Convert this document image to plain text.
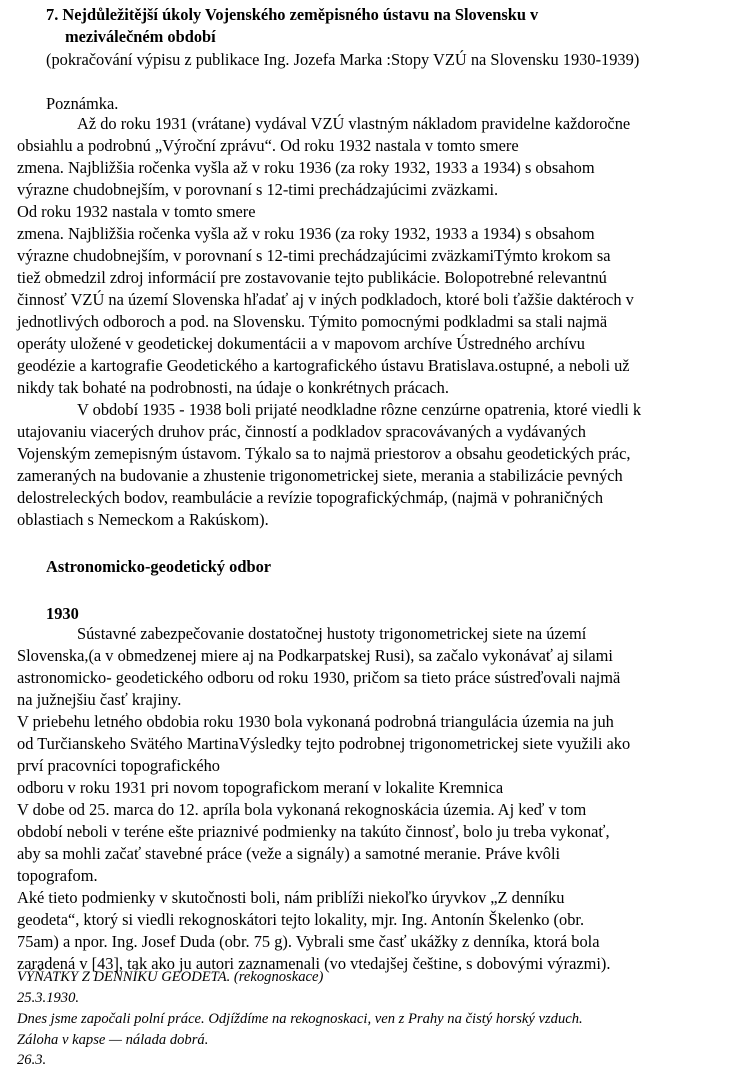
7. Nejdůležitější úkoly Vojenského zeměpisného ústavu na Slovensku v
meziválečném období
(pokračování výpisu z publikace Ing. Jozefa Marka :Stopy VZÚ na Slovensku 1930-1939)
Poznámka.
Až do roku 1931 (vrátane) vydával VZÚ vlastným nákladom pravidelne každoročne
obsiahlu a podrobnú „Výroční zprávu“. Od roku 1932 nastala v tomto smere
zmena. Najbližšia ročenka vyšla až v roku 1936 (za roky 1932, 1933 a 1934) s obsahom
výrazne chudobnejším, v porovnaní s 12-timi prechádzajúcimi zväzkami.
Od roku 1932 nastala v tomto smere
zmena. Najbližšia ročenka vyšla až v roku 1936 (za roky 1932, 1933 a 1934) s obsahom
výrazne chudobnejším, v porovnaní s 12-timi prechádzajúcimi zväzkamiTýmto krokom sa
tiež obmedzil zdroj informácií pre zostavovanie tejto publikácie. Bolopotrebné relevantnú
činnosť VZÚ na území Slovenska hľadať aj v iných podkladoch, ktoré boli ťažšie daktéroch v
jednotlivých odboroch a pod. na Slovensku. Týmito pomocnými podkladmi sa stali najmä
operáty uložené v geodetickej dokumentácii a v mapovom archíve Ústredného archívu
geodézie a kartografie Geodetického a kartografického ústavu Bratislava.ostupné, a neboli už
nikdy tak bohaté na podrobnosti, na údaje o konkrétnych prácach.
V období 1935 - 1938 boli prijaté neodkladne rôzne cenzúrne opatrenia, ktoré viedli k
utajovaniu viacerých druhov prác, činností a podkladov spracovávaných a vydávaných
Vojenským zemepisným ústavom. Týkalo sa to najmä priestorov a obsahu geodetických prác,
zameraných na budovanie a zhustenie trigonometrickej siete, merania a stabilizácie pevných
delostreleckých bodov, reambulácie a revízie topografickýchmáp, (najmä v pohraničných
oblastiach s Nemeckom a Rakúskom).
Astronomicko-geodetický odbor
1930
Sústavné zabezpečovanie dostatočnej hustoty trigonometrickej siete na území
Slovenska,(a v obmedzenej miere aj na Podkarpatskej Rusi), sa začalo vykonávať aj silami
astronomicko- geodetického odboru od roku 1930, pričom sa tieto práce sústreďovali najmä
na južnejšiu časť krajiny.
V priebehu letného obdobia roku 1930 bola vykonaná podrobná triangulácia územia na juh
od Turčianskeho Svätého MartinaVýsledky tejto podrobnej trigonometrickej siete využili ako
prví pracovníci topografického
odboru v roku 1931 pri novom topografickom meraní v lokalite Kremnica
V dobe od 25. marca do 12. apríla bola vykonaná rekognoskácia územia. Aj keď v tom
období neboli v teréne ešte priaznivé podmienky na takúto činnosť, bolo ju treba vykonať,
aby sa mohli začať stavebné práce (veže a signály) a samotné meranie. Práve kvôli
topografom.
Aké tieto podmienky v skutočnosti boli, nám priblíži niekoľko úryvkov „Z denníku
geodeta“, ktorý si viedli rekognoskátori tejto lokality, mjr. Ing. Antonín Škelenko (obr.
75am) a npor. Ing. Josef Duda (obr. 75 g). Vybrali sme časť ukážky z denníka, ktorá bola
zaradená v [43], tak ako ju autori zaznamenali (vo vtedajšej češtine, s dobovými výrazmi).
VÝŇATKY Z DENNÍKU GEODETA. (rekognoskace)
25.3.1930.
Dnes jsme započali polní práce. Odjíždíme na rekognoskaci, ven z Prahy na čistý horský vzduch.
Záloha v kapse — nálada dobrá.
26.3.
